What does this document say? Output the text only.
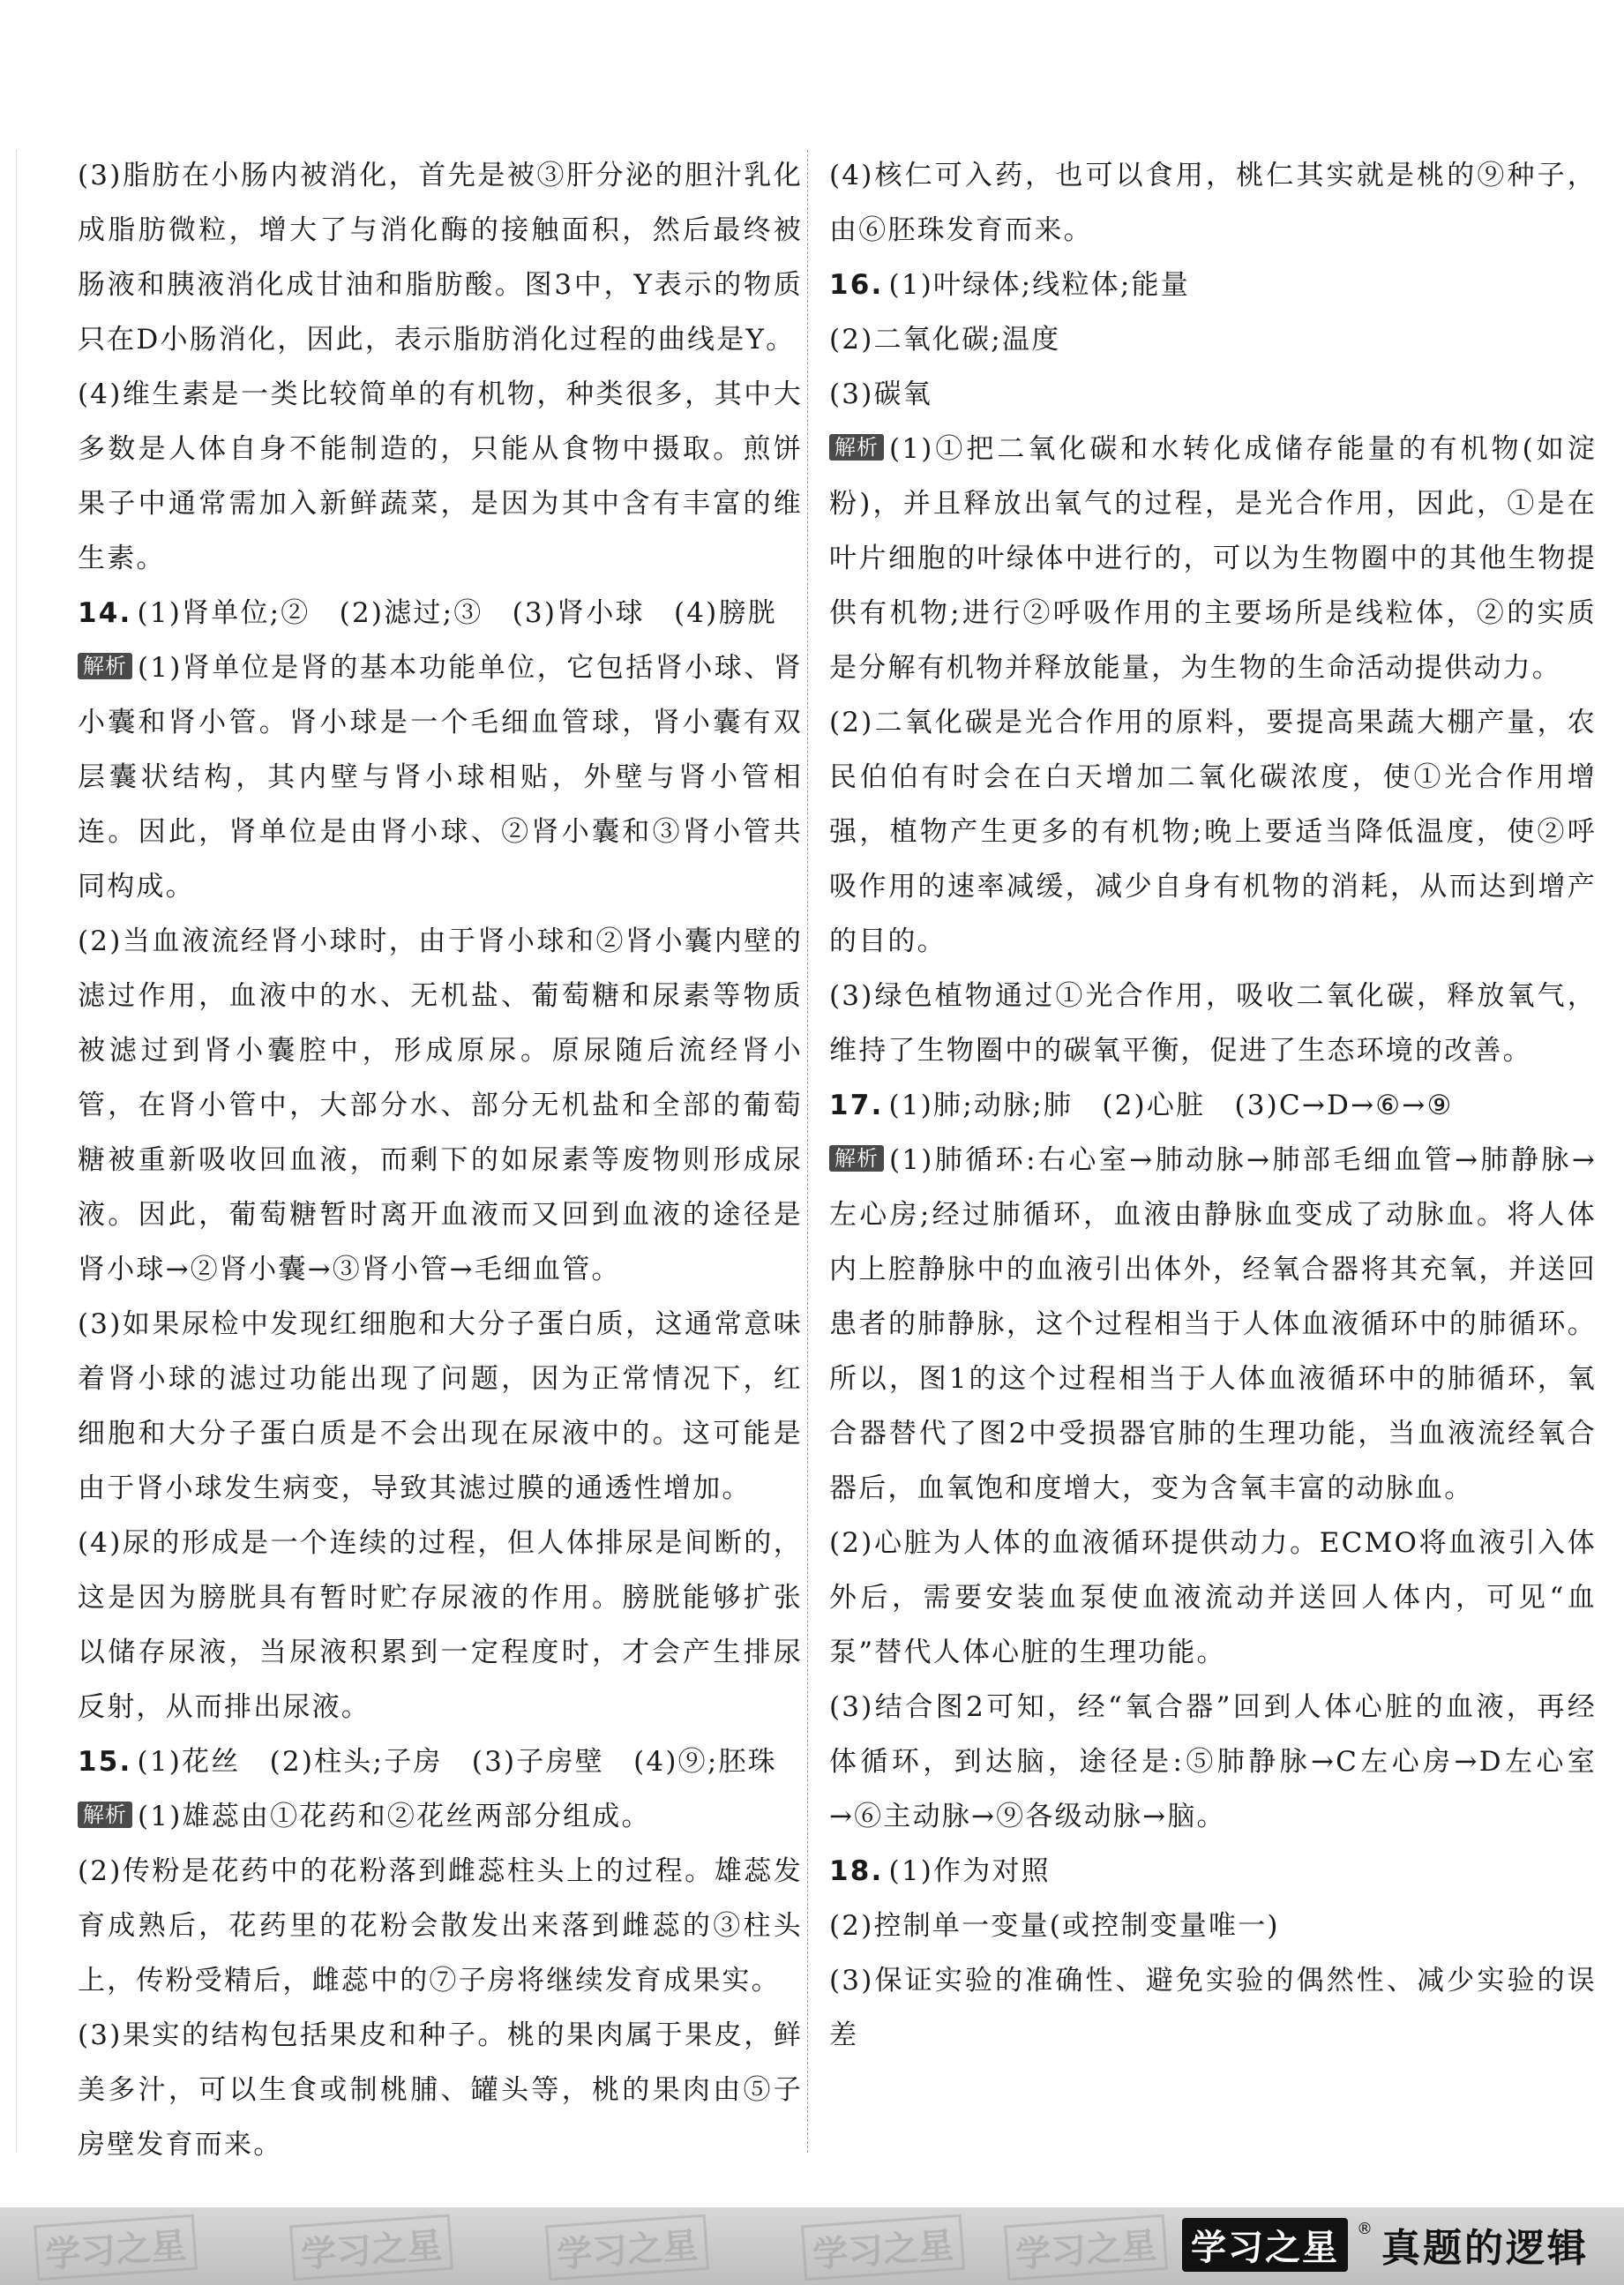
(3)脂肪在小肠内被消化，首先是被③肝分泌的胆汁乳化成脂肪微粒，增大了与消化酶的接触面积，然后最终被肠液和胰液消化成甘油和脂肪酸。图3中，Y表示的物质只在D小肠消化，因此，表示脂肪消化过程的曲线是Y。

(4)维生素是一类比较简单的有机物，种类很多，其中大多数是人体自身不能制造的，只能从食物中摄取。煎饼果子中通常需加入新鲜蔬菜，是因为其中含有丰富的维生素。

14. (1)肾单位;②　(2)滤过;③　(3)肾小球　(4)膀胱

解析 (1)肾单位是肾的基本功能单位，它包括肾小球、肾小囊和肾小管。肾小球是一个毛细血管球，肾小囊有双层囊状结构，其内壁与肾小球相贴，外壁与肾小管相连。因此，肾单位是由肾小球、②肾小囊和③肾小管共同构成。

(2)当血液流经肾小球时，由于肾小球和②肾小囊内壁的滤过作用，血液中的水、无机盐、葡萄糖和尿素等物质被滤过到肾小囊腔中，形成原尿。原尿随后流经肾小管，在肾小管中，大部分水、部分无机盐和全部的葡萄糖被重新吸收回血液，而剩下的如尿素等废物则形成尿液。因此，葡萄糖暂时离开血液而又回到血液的途径是肾小球→②肾小囊→③肾小管→毛细血管。

(3)如果尿检中发现红细胞和大分子蛋白质，这通常意味着肾小球的滤过功能出现了问题，因为正常情况下，红细胞和大分子蛋白质是不会出现在尿液中的。这可能是由于肾小球发生病变，导致其滤过膜的通透性增加。

(4)尿的形成是一个连续的过程，但人体排尿是间断的，这是因为膀胱具有暂时贮存尿液的作用。膀胱能够扩张以储存尿液，当尿液积累到一定程度时，才会产生排尿反射，从而排出尿液。

15. (1)花丝　(2)柱头;子房　(3)子房壁　(4)⑨;胚珠

解析 (1)雄蕊由①花药和②花丝两部分组成。

(2)传粉是花药中的花粉落到雌蕊柱头上的过程。雄蕊发育成熟后，花药里的花粉会散发出来落到雌蕊的③柱头上，传粉受精后，雌蕊中的⑦子房将继续发育成果实。

(3)果实的结构包括果皮和种子。桃的果肉属于果皮，鲜美多汁，可以生食或制桃脯、罐头等，桃的果肉由⑤子房壁发育而来。

(4)核仁可入药，也可以食用，桃仁其实就是桃的⑨种子，由⑥胚珠发育而来。

16. (1)叶绿体;线粒体;能量

(2)二氧化碳;温度

(3)碳氧

解析 (1)①把二氧化碳和水转化成储存能量的有机物(如淀粉)，并且释放出氧气的过程，是光合作用，因此，①是在叶片细胞的叶绿体中进行的，可以为生物圈中的其他生物提供有机物;进行②呼吸作用的主要场所是线粒体，②的实质是分解有机物并释放能量，为生物的生命活动提供动力。

(2)二氧化碳是光合作用的原料，要提高果蔬大棚产量，农民伯伯有时会在白天增加二氧化碳浓度，使①光合作用增强，植物产生更多的有机物;晚上要适当降低温度，使②呼吸作用的速率减缓，减少自身有机物的消耗，从而达到增产的目的。

(3)绿色植物通过①光合作用，吸收二氧化碳，释放氧气，维持了生物圈中的碳氧平衡，促进了生态环境的改善。

17. (1)肺;动脉;肺　(2)心脏　(3)C→D→⑥→⑨

解析 (1)肺循环:右心室→肺动脉→肺部毛细血管→肺静脉→左心房;经过肺循环，血液由静脉血变成了动脉血。将人体内上腔静脉中的血液引出体外，经氧合器将其充氧，并送回患者的肺静脉，这个过程相当于人体血液循环中的肺循环。所以，图1的这个过程相当于人体血液循环中的肺循环，氧合器替代了图2中受损器官肺的生理功能，当血液流经氧合器后，血氧饱和度增大，变为含氧丰富的动脉血。

(2)心脏为人体的血液循环提供动力。ECMO将血液引入体外后，需要安装血泵使血液流动并送回人体内，可见“血泵”替代人体心脏的生理功能。

(3)结合图2可知，经“氧合器”回到人体心脏的血液，再经体循环，到达脑，途径是:⑤肺静脉→C左心房→D左心室→⑥主动脉→⑨各级动脉→脑。

18. (1)作为对照

(2)控制单一变量(或控制变量唯一)

(3)保证实验的准确性、避免实验的偶然性、减少实验的误差

学习之星	学习之星	学习之星	学习之星 学习之星 学习之星	® 真题的逻辑
